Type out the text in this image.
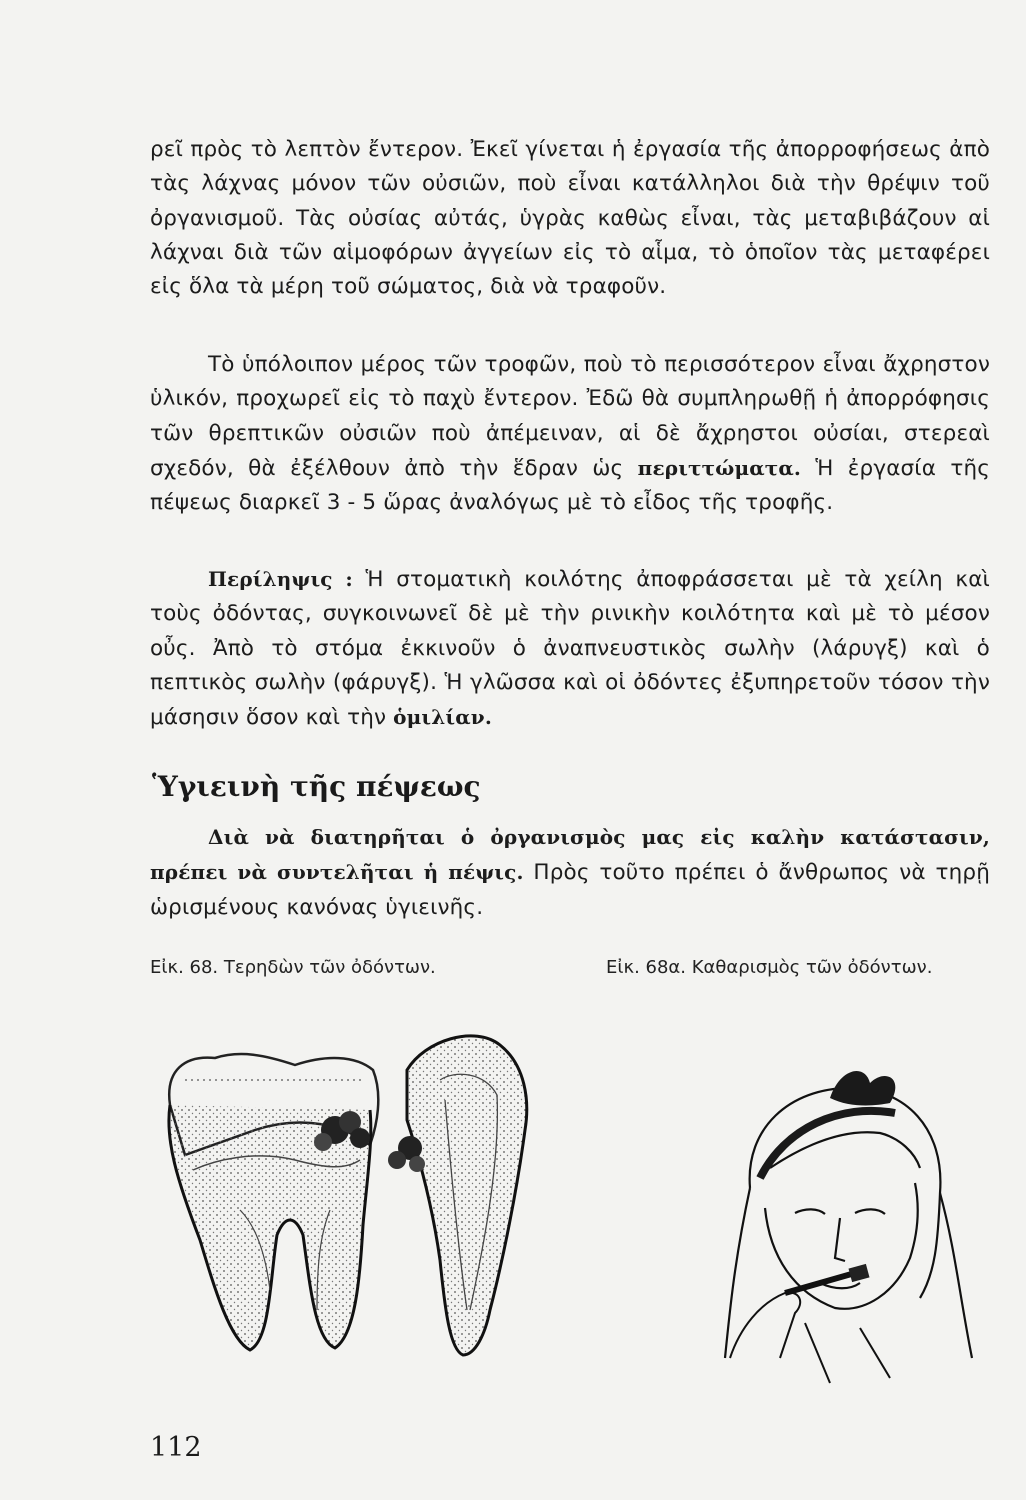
ρεῖ πρὸς τὸ λεπτὸν ἔντερον. Ἐκεῖ γίνεται ἡ ἐργασία τῆς ἀπορροφήσεως ἀπὸ τὰς λάχνας μόνον τῶν οὐσιῶν, ποὺ εἶναι κατάλληλοι διὰ τὴν θρέψιν τοῦ ὀργανισμοῦ. Τὰς οὐσίας αὐτάς, ὑγρὰς καθὼς εἶναι, τὰς μεταβιβάζουν αἱ λάχναι διὰ τῶν αἱμοφόρων ἀγγείων εἰς τὸ αἷμα, τὸ ὁποῖον τὰς μεταφέρει εἰς ὅλα τὰ μέρη τοῦ σώματος, διὰ νὰ τραφοῦν.

Τὸ ὑπόλοιπον μέρος τῶν τροφῶν, ποὺ τὸ περισσότερον εἶναι ἄχρηστον ὑλικόν, προχωρεῖ εἰς τὸ παχὺ ἔντερον. Ἐδῶ θὰ συμπληρωθῇ ἡ ἀπορρόφησις τῶν θρεπτικῶν οὐσιῶν ποὺ ἀπέμειναν, αἱ δὲ ἄχρηστοι οὐσίαι, στερεαὶ σχεδόν, θὰ ἐξέλθουν ἀπὸ τὴν ἕδραν ὡς περιττώματα. Ἡ ἐργασία τῆς πέψεως διαρκεῖ 3 - 5 ὥρας ἀναλόγως μὲ τὸ εἶδος τῆς τροφῆς.

Περίληψις : Ἡ στοματικὴ κοιλότης ἀποφράσσεται μὲ τὰ χείλη καὶ τοὺς ὀδόντας, συγκοινωνεῖ δὲ μὲ τὴν ρινικὴν κοιλότητα καὶ μὲ τὸ μέσον οὖς. Ἀπὸ τὸ στόμα ἐκκινοῦν ὁ ἀναπνευστικὸς σωλὴν (λάρυγξ) καὶ ὁ πεπτικὸς σωλὴν (φάρυγξ). Ἡ γλῶσσα καὶ οἱ ὀδόντες ἐξυπηρετοῦν τόσον τὴν μάσησιν ὅσον καὶ τὴν ὁμιλίαν.

Ὑγιεινὴ τῆς πέψεως

Διὰ νὰ διατηρῆται ὁ ὀργανισμὸς μας εἰς καλὴν κατάστασιν, πρέπει νὰ συντελῆται ἡ πέψις. Πρὸς τοῦτο πρέπει ὁ ἄνθρωπος νὰ τηρῇ ὡρισμένους κανόνας ὑγιεινῆς.

Εἰκ. 68. Τερηδὼν τῶν ὀδόντων.	Εἰκ. 68α. Καθαρισμὸς τῶν ὀδόντων.
112
